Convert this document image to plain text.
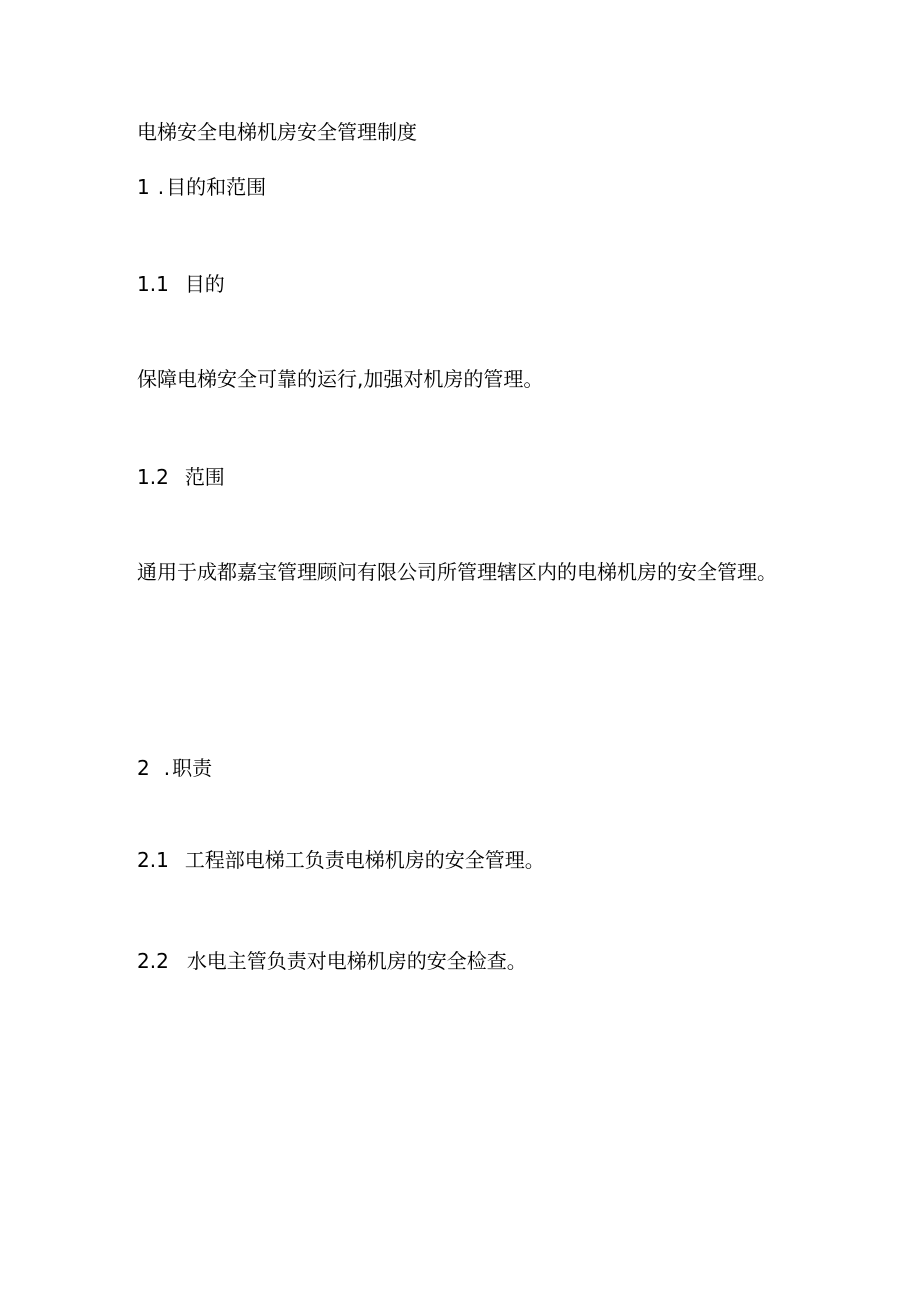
电梯安全电梯机房安全管理制度

1 . 目的和范围

1.1 目的

保障电梯安全可靠的运行,加强对机房的管理。

1.2 范围

通用于成都嘉宝管理顾问有限公司所管理辖区内的电梯机房的安全管理。

2 . 职责

2.1 工程部电梯工负责电梯机房的安全管理。

2.2 水电主管负责对电梯机房的安全检查。
